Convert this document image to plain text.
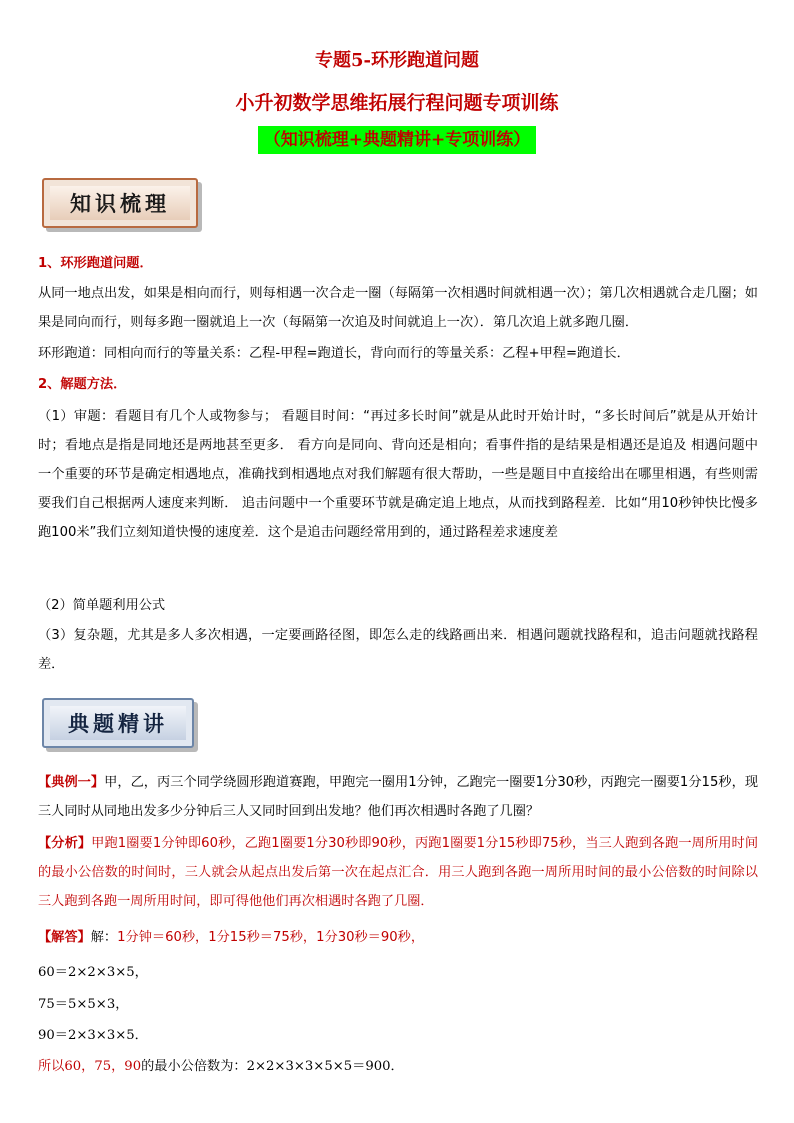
专题5-环形跑道问题
小升初数学思维拓展行程问题专项训练
（知识梳理+典题精讲+专项训练）
知识梳理
1、环形跑道问题．

从同一地点出发，如果是相向而行，则每相遇一次合走一圈（每隔第一次相遇时间就相遇一次）；第几次相遇就合走几圈；如果是同向而行，则每多跑一圈就追上一次（每隔第一次追及时间就追上一次）．第几次追上就多跑几圈．

环形跑道：同相向而行的等量关系：乙程-甲程=跑道长，背向而行的等量关系：乙程+甲程=跑道长．

2、解题方法．

（1）审题：看题目有几个人或物参与； 看题目时间：“再过多长时间”就是从此时开始计时，“多长时间后”就是从开始计时；看地点是指是同地还是两地甚至更多． 看方向是同向、背向还是相向；看事件指的是结果是相遇还是追及 相遇问题中一个重要的环节是确定相遇地点，准确找到相遇地点对我们解题有很大帮助，一些是题目中直接给出在哪里相遇，有些则需要我们自己根据两人速度来判断． 追击问题中一个重要环节就是确定追上地点，从而找到路程差．比如“用10秒钟快比慢多跑100米”我们立刻知道快慢的速度差．这个是追击问题经常用到的，通过路程差求速度差

（2）简单题利用公式

（3）复杂题，尤其是多人多次相遇，一定要画路径图，即怎么走的线路画出来．相遇问题就找路程和，追击问题就找路程差．

典题精讲

【典例一】甲，乙，丙三个同学绕圆形跑道赛跑，甲跑完一圈用1分钟，乙跑完一圈要1分30秒，丙跑完一圈要1分15秒，现三人同时从同地出发多少分钟后三人又同时回到出发地？他们再次相遇时各跑了几圈？

【分析】甲跑1圈要1分钟即60秒，乙跑1圈要1分30秒即90秒，丙跑1圈要1分15秒即75秒，当三人跑到各跑一周所用时间的最小公倍数的时间时，三人就会从起点出发后第一次在起点汇合．用三人跑到各跑一周所用时间的最小公倍数的时间除以三人跑到各跑一周所用时间，即可得他他们再次相遇时各跑了几圈．

【解答】解：1分钟＝60秒，1分15秒＝75秒，1分30秒＝90秒，

60＝2×2×3×5，
75＝5×5×3，
90＝2×3×3×5．
所以60，75，90的最小公倍数为：2×2×3×3×5×5＝900．
